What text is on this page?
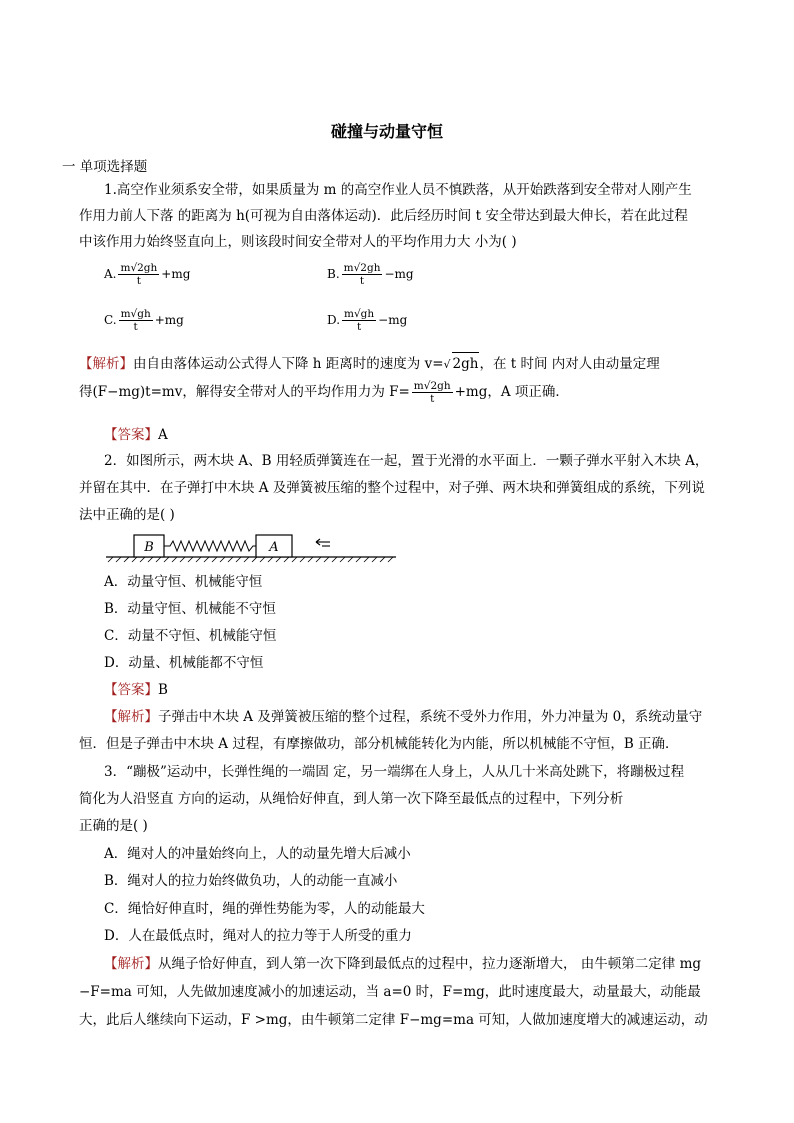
碰撞与动量守恒
一 单项选择题
1.高空作业须系安全带，如果质量为 m 的高空作业人员不慎跌落，从开始跌落到安全带对人刚产生
作用力前人下落 的距离为 h(可视为自由落体运动)．此后经历时间 t 安全带达到最大伸长，若在此过程
中该作用力始终竖直向上，则该段时间安全带对人的平均作用力大 小为( )
A. $\frac{m√2gh}{t} +mg$	B. $\frac{m√2gh}{t} -mg$
C. $\frac{m√gh}{t} +mg$	D. $\frac{m√gh}{t} -mg$
【解析】由自由落体运动公式得人下降 h 距离时的速度为 v=√ 2gh，在 t 时间 内对人由动量定理
得(F−mg)t=mv，解得安全带对人的平均作用力为 $F= \frac{m√2gh}{t} +mg$，A 项正确．
【答案】A
2．如图所示，两木块 A、B 用轻质弹簧连在一起，置于光滑的水平面上．一颗子弹水平射入木块 A，
并留在其中．在子弹打中木块 A 及弹簧被压缩的整个过程中，对子弹、两木块和弹簧组成的系统，下列说
法中正确的是( )
B	A
A．动量守恒、机械能守恒
B．动量守恒、机械能不守恒
C．动量不守恒、机械能守恒
D．动量、机械能都不守恒
【答案】B
【解析】子弹击中木块 A 及弹簧被压缩的整个过程，系统不受外力作用，外力冲量为 0，系统动量守
恒．但是子弹击中木块 A 过程，有摩擦做功，部分机械能转化为内能，所以机械能不守恒，B 正确．
3．“蹦极”运动中，长弹性绳的一端固 定，另一端绑在人身上，人从几十米高处跳下，将蹦极过程
简化为人沿竖直 方向的运动，从绳恰好伸直，到人第一次下降至最低点的过程中，下列分析
正确的是( )
A．绳对人的冲量始终向上，人的动量先增大后减小
B．绳对人的拉力始终做负功，人的动能一直减小
C．绳恰好伸直时，绳的弹性势能为零，人的动能最大
D．人在最低点时，绳对人的拉力等于人所受的重力
【解析】从绳子恰好伸直，到人第一次下降到最低点的过程中，拉力逐渐增大， 由牛顿第二定律 mg
−F=ma 可知，人先做加速度减小的加速运动，当 a=0 时，F=mg，此时速度最大，动量最大，动能最
大，此后人继续向下运动，F >mg，由牛顿第二定律 F−mg=ma 可知，人做加速度增大的减速运动，动
